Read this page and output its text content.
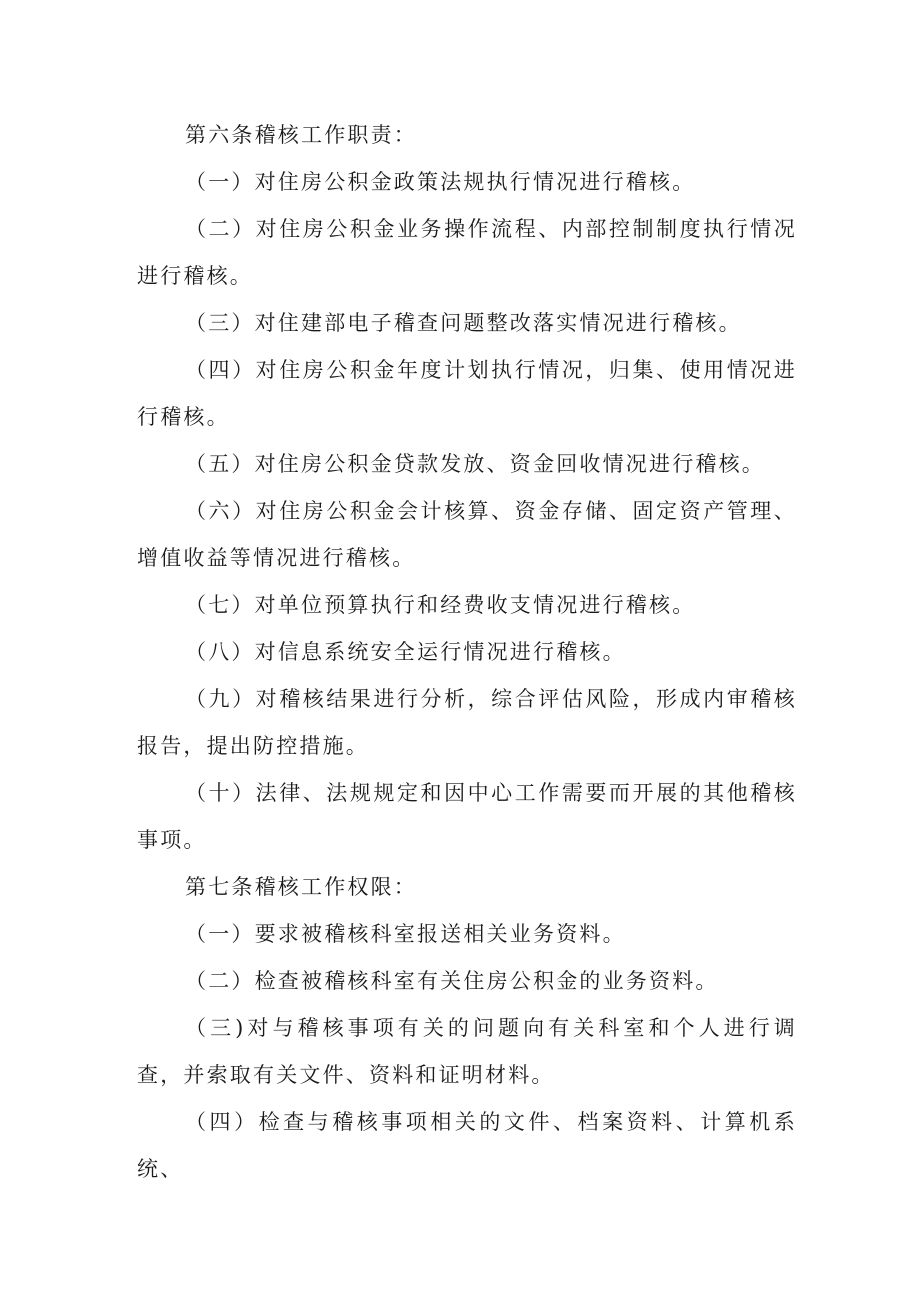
第六条稽核工作职责：

（一）对住房公积金政策法规执行情况进行稽核。

（二）对住房公积金业务操作流程、内部控制制度执行情况进行稽核。

（三）对住建部电子稽查问题整改落实情况进行稽核。

（四）对住房公积金年度计划执行情况，归集、使用情况进行稽核。

（五）对住房公积金贷款发放、资金回收情况进行稽核。

（六）对住房公积金会计核算、资金存储、固定资产管理、增值收益等情况进行稽核。

（七）对单位预算执行和经费收支情况进行稽核。

（八）对信息系统安全运行情况进行稽核。

（九）对稽核结果进行分析，综合评估风险，形成内审稽核报告，提出防控措施。

（十）法律、法规规定和因中心工作需要而开展的其他稽核事项。

第七条稽核工作权限：

（一）要求被稽核科室报送相关业务资料。

（二）检查被稽核科室有关住房公积金的业务资料。

（三)对与稽核事项有关的问题向有关科室和个人进行调查，并索取有关文件、资料和证明材料。

（四）检查与稽核事项相关的文件、档案资料、计算机系统、
